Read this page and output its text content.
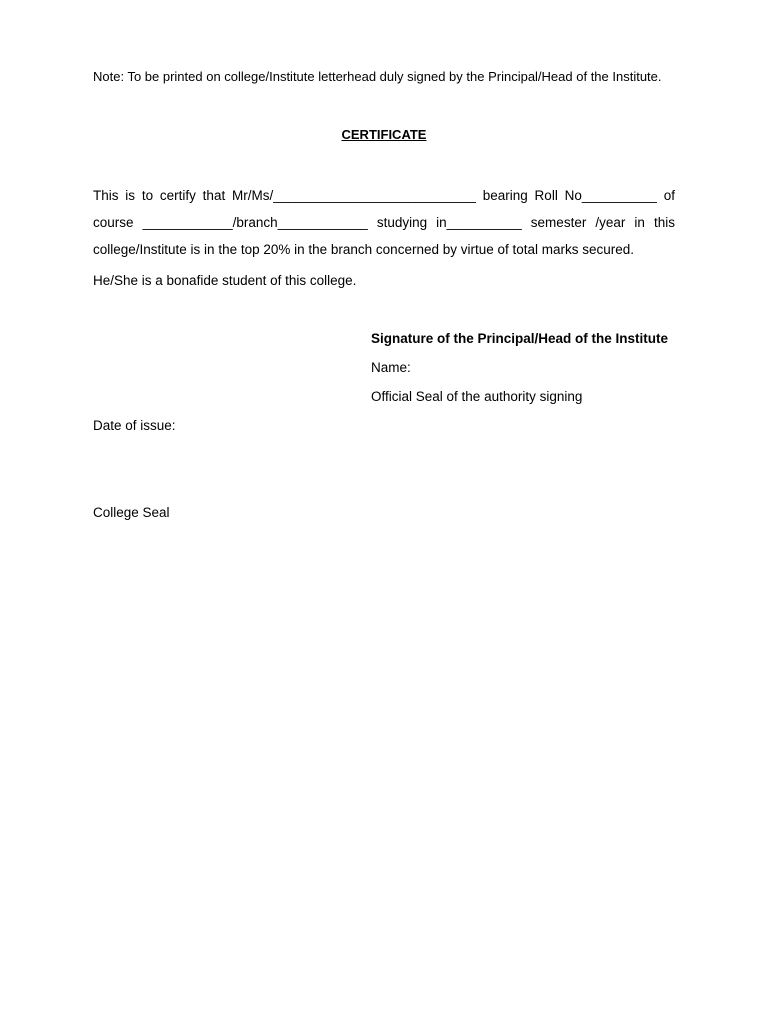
Note: To be printed on college/Institute letterhead duly signed by the Principal/Head of the Institute.
CERTIFICATE
This is to certify that Mr/Ms/___________________________ bearing Roll No__________ of course ____________/branch____________ studying in__________ semester /year in this college/Institute is in the top 20% in the branch concerned by virtue of total marks secured.
He/She is a bonafide student of this college.
Signature of the Principal/Head of the Institute
Name:
Official Seal of the authority signing
Date of issue:
College Seal
